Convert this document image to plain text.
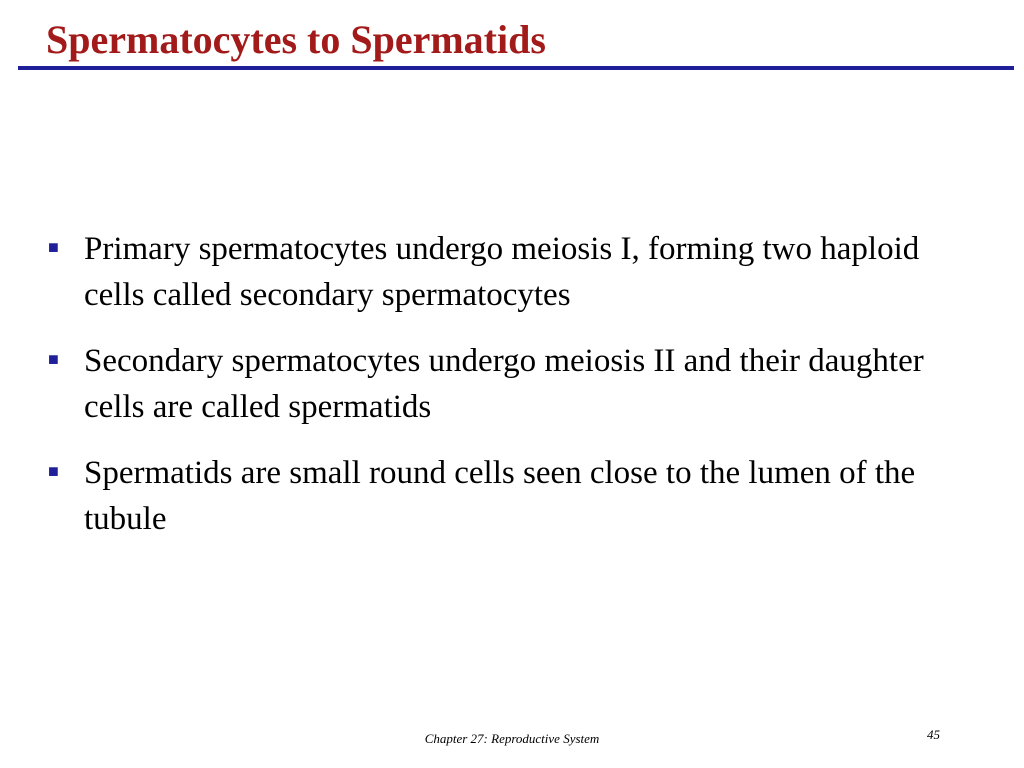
Spermatocytes to Spermatids
■ Primary spermatocytes undergo meiosis I, forming two haploid cells called secondary spermatocytes
■ Secondary spermatocytes undergo meiosis II and their daughter cells are called spermatids
■ Spermatids are small round cells seen close to the lumen of the tubule
Chapter 27: Reproductive System	45
